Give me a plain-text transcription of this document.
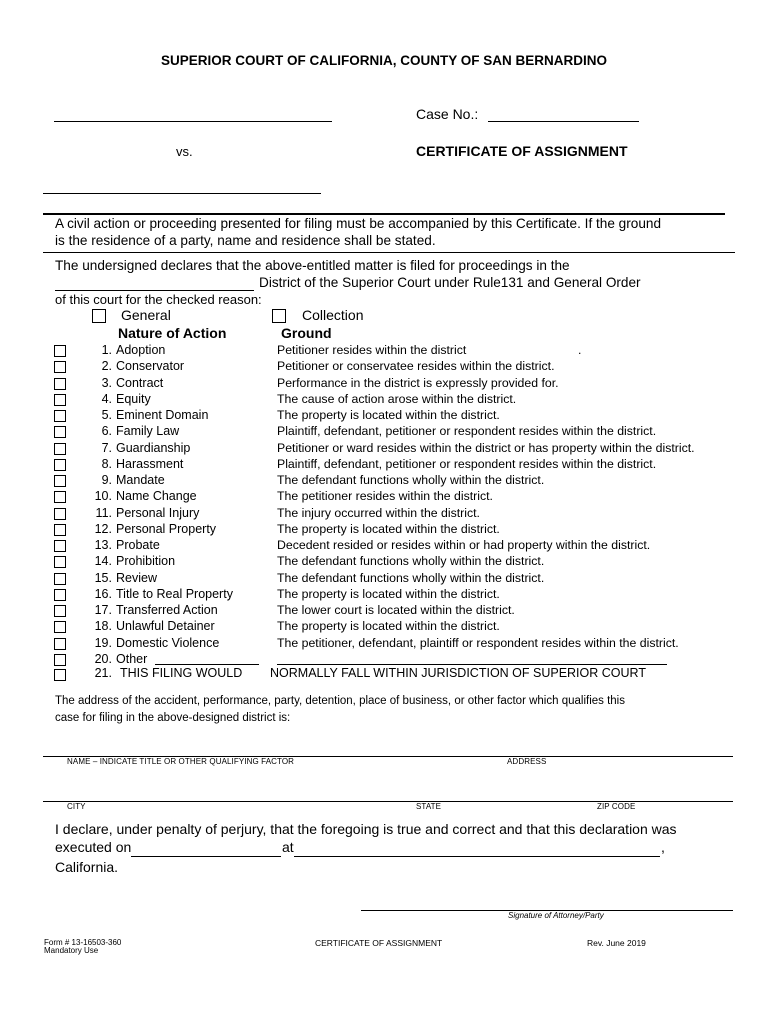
SUPERIOR COURT OF CALIFORNIA, COUNTY OF SAN BERNARDINO
Case No.:
vs.	CERTIFICATE OF ASSIGNMENT
A civil action or proceeding presented for filing must be accompanied by this Certificate. If the ground
is the residence of a party, name and residence shall be stated.
The undersigned declares that the above-entitled matter is filed for proceedings in the
District of the Superior Court under Rule131 and General Order
of this court for the checked reason:
General	Collection
Nature of Action	Ground
1. Adoption	Petitioner resides within the district	.
2. Conservator	Petitioner or conservatee resides within the district.
3. Contract	Performance in the district is expressly provided for.
4. Equity	The cause of action arose within the district.
5. Eminent Domain	The property is located within the district.
6. Family Law	Plaintiff, defendant, petitioner or respondent resides within the district.
7. Guardianship	Petitioner or ward resides within the district or has property within the district.
8. Harassment	Plaintiff, defendant, petitioner or respondent resides within the district.
9. Mandate	The defendant functions wholly within the district.
10. Name Change	The petitioner resides within the district.
11. Personal Injury	The injury occurred within the district.
12. Personal Property	The property is located within the district.
13. Probate	Decedent resided or resides within or had property within the district.
14. Prohibition	The defendant functions wholly within the district.
15. Review	The defendant functions wholly within the district.
16. Title to Real Property	The property is located within the district.
17. Transferred Action	The lower court is located within the district.
18. Unlawful Detainer	The property is located within the district.
19. Domestic Violence	The petitioner, defendant, plaintiff or respondent resides within the district.
20. Other
21. THIS FILING WOULD NORMALLY FALL WITHIN JURISDICTION OF SUPERIOR COURT
The address of the accident, performance, party, detention, place of business, or other factor which qualifies this
case for filing in the above-designed district is:
NAME – INDICATE TITLE OR OTHER QUALIFYING FACTOR	ADDRESS
CITY	STATE	ZIP CODE
I declare, under penalty of perjury, that the foregoing is true and correct and that this declaration was
executed on	at	,
California.
Signature of Attorney/Party
Form # 13-16503-360
Mandatory Use
CERTIFICATE OF ASSIGNMENT	Rev. June 2019
